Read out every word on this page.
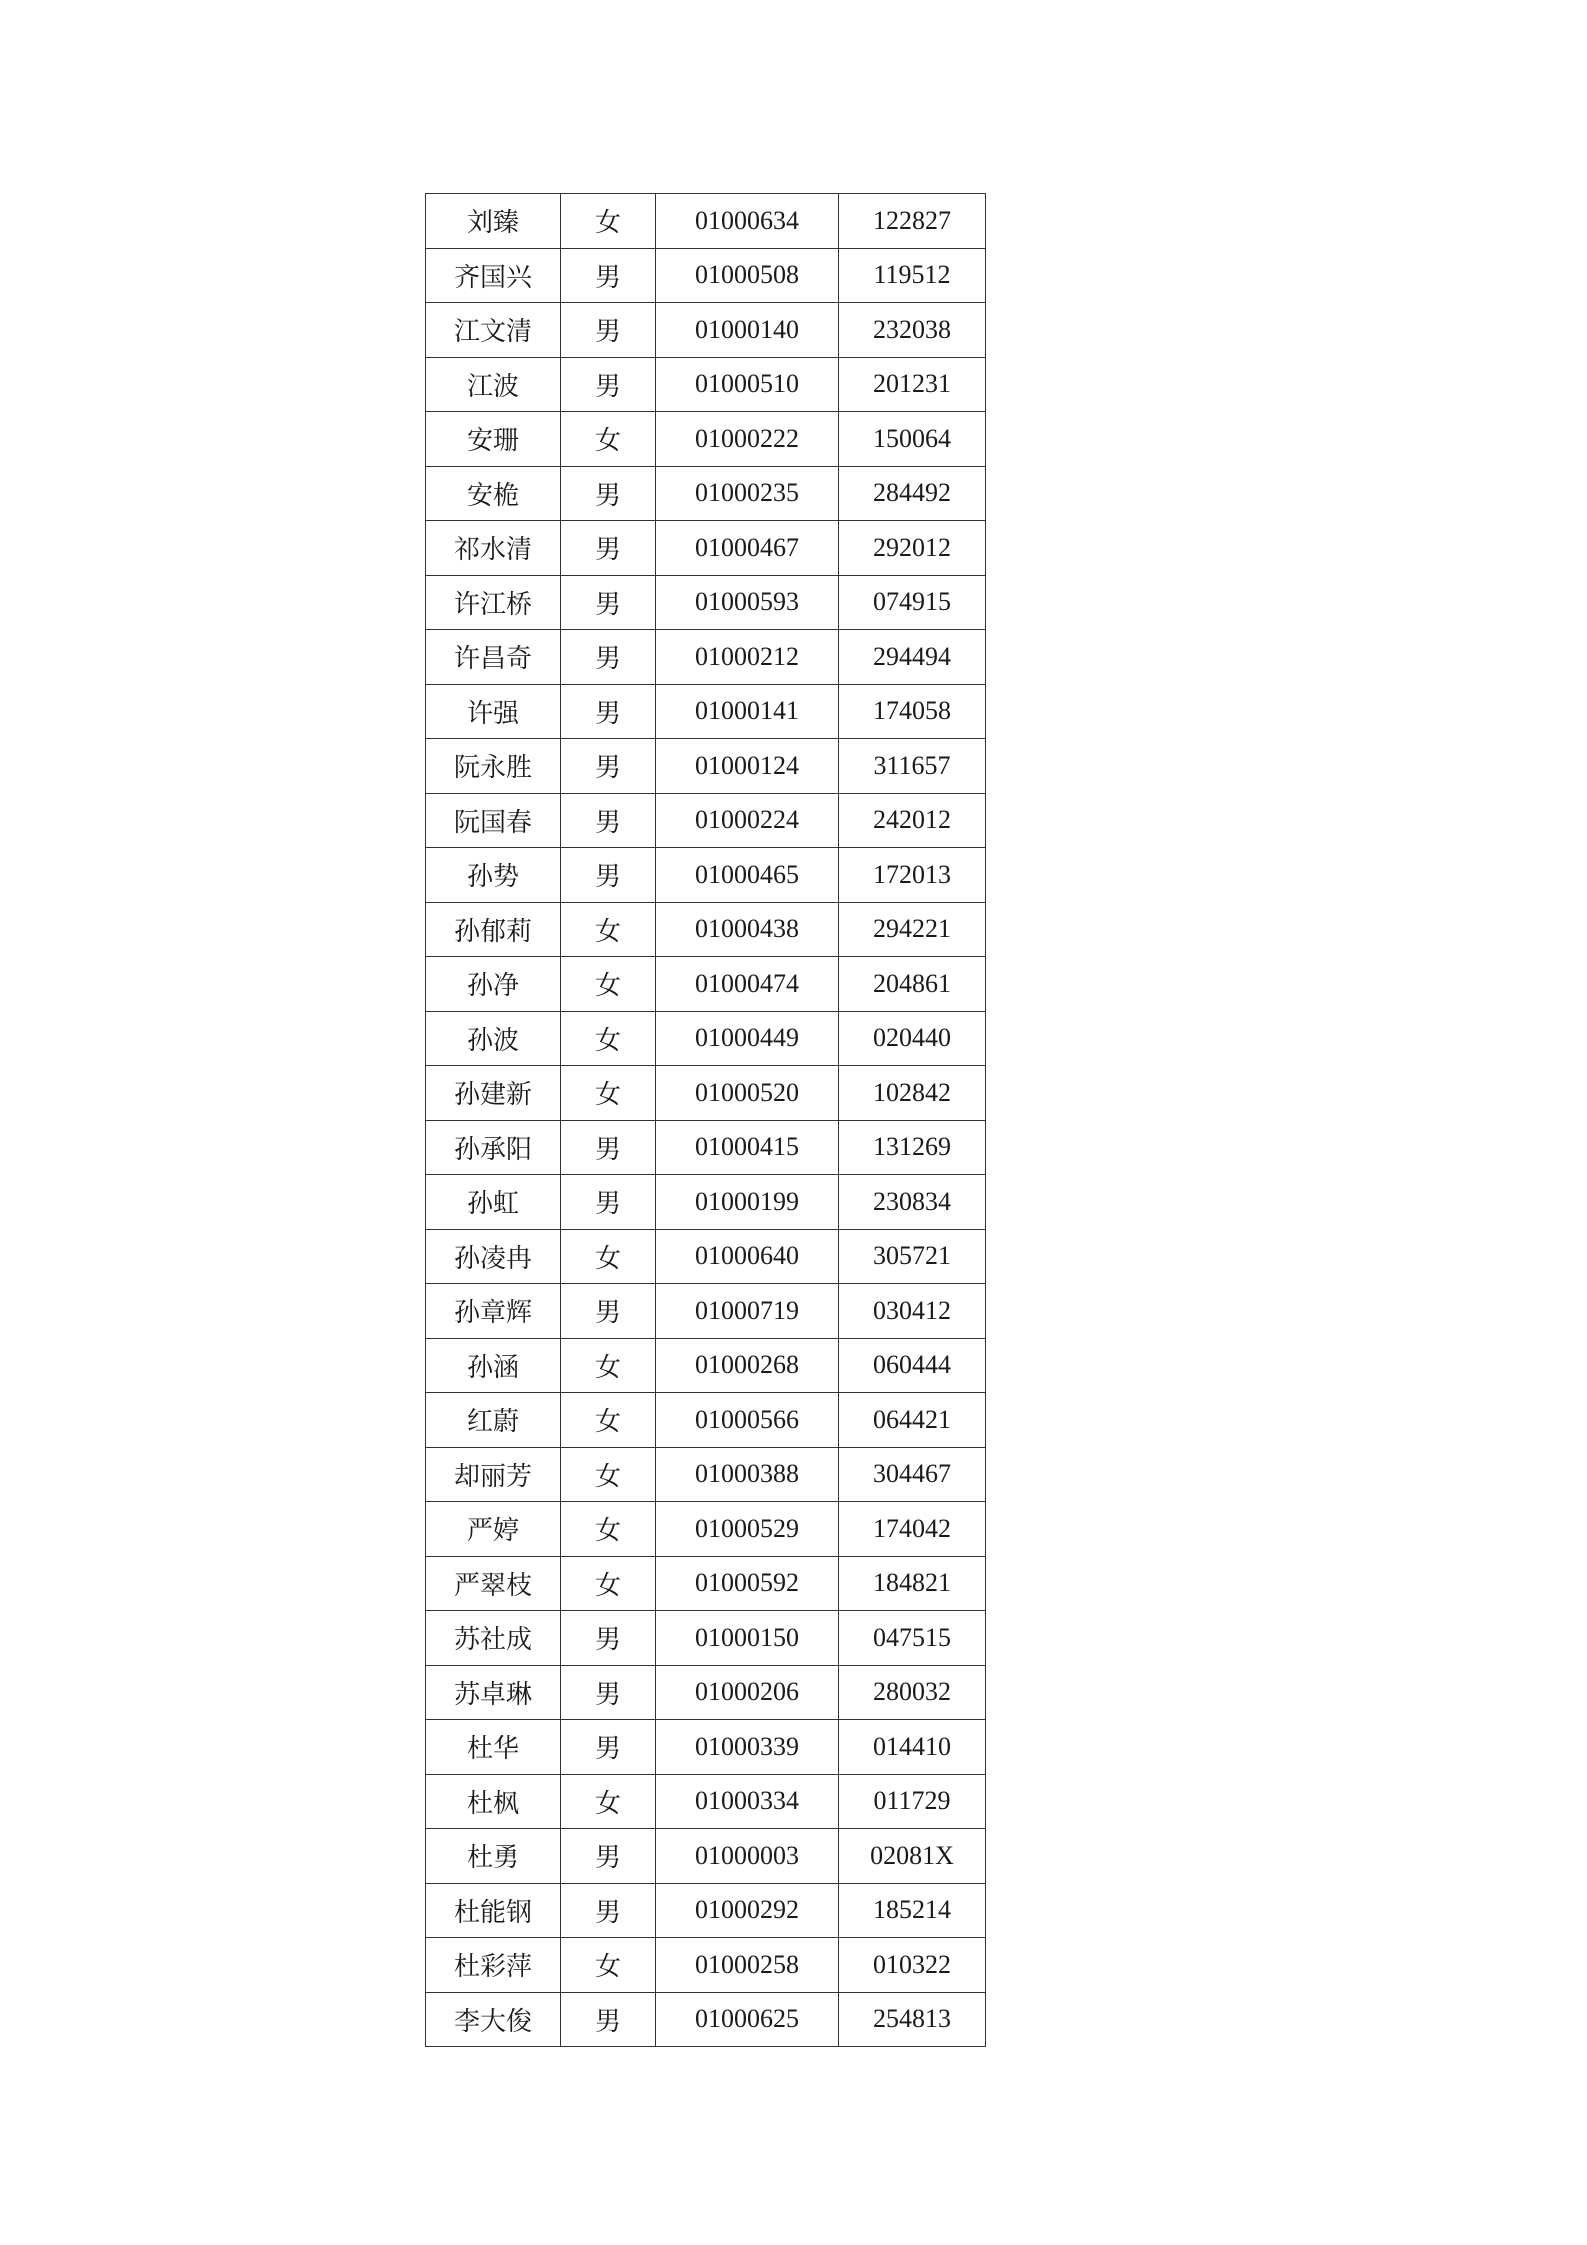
刘臻	女	01000634	122827
齐国兴	男	01000508	119512
江文清	男	01000140	232038
江波	男	01000510	201231
安珊	女	01000222	150064
安桅	男	01000235	284492
祁水清	男	01000467	292012
许江桥	男	01000593	074915
许昌奇	男	01000212	294494
许强	男	01000141	174058
阮永胜	男	01000124	311657
阮国春	男	01000224	242012
孙势	男	01000465	172013
孙郁莉	女	01000438	294221
孙净	女	01000474	204861
孙波	女	01000449	020440
孙建新	女	01000520	102842
孙承阳	男	01000415	131269
孙虹	男	01000199	230834
孙凌冉	女	01000640	305721
孙章辉	男	01000719	030412
孙涵	女	01000268	060444
红蔚	女	01000566	064421
却丽芳	女	01000388	304467
严婷	女	01000529	174042
严翠枝	女	01000592	184821
苏社成	男	01000150	047515
苏卓琳	男	01000206	280032
杜华	男	01000339	014410
杜枫	女	01000334	011729
杜勇	男	01000003	02081X
杜能钢	男	01000292	185214
杜彩萍	女	01000258	010322
李大俊	男	01000625	254813
